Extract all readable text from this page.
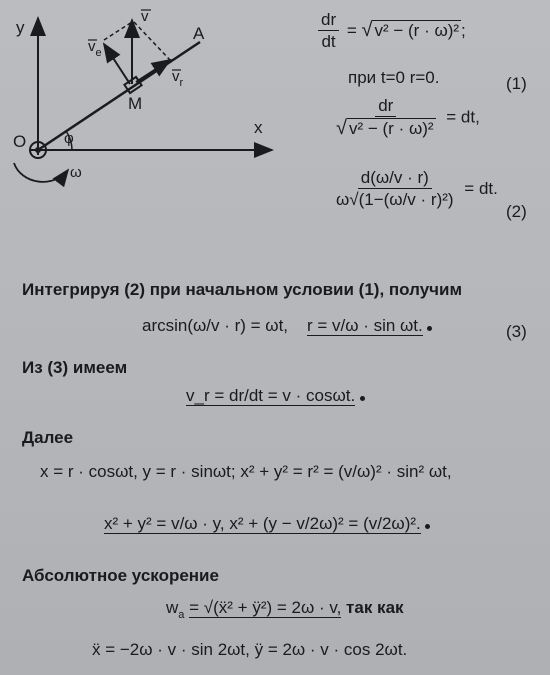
y
x
O
M
A
φ
ω
v
$v_e$
$v_r$
$\frac{dr}{dt}$ = √ v² − (r · ω)² ;
при t=0 r=0.	(1)
$\frac{dr}{\text{√ v² − (r · ω)²}}$ = dt,
$\frac{d(\omega/v \cdot r)}{\text{ω√(1−(ω/v · r)²)}}$ = dt.
(2)
Интегрируя (2) при начальном условии (1), получим
arcsin(ω/v · r) = ωt, r = v/ω · sin ωt.	(3)
Из (3) имеем
v_r = dr/dt = v · cosωt.
Далее
x = r · cosωt, y = r · sinωt; x² + y² = r² = (v/ω)² · sin² ωt,
x² + y² = v/ω · y, x² + (y − v/2ω)² = (v/2ω)².
Абсолютное ускорение
$w_a$ = √(ẍ² + ÿ²) = 2ω · v, так как
ẍ = −2ω · v · sin 2ωt, ÿ = 2ω · v · cos 2ωt.
